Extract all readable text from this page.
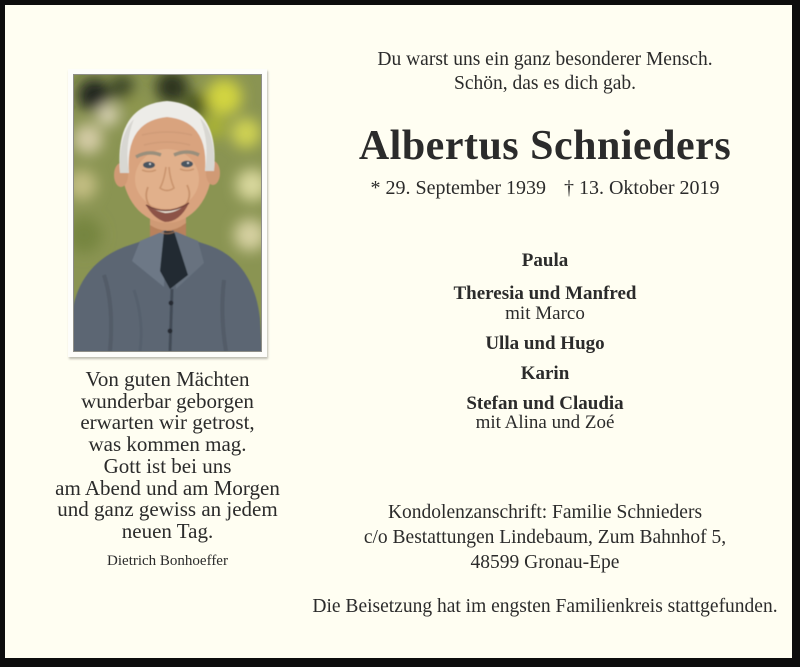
Von guten Mächten
wunderbar geborgen
erwarten wir getrost,
was kommen mag.
Gott ist bei uns
am Abend und am Morgen
und ganz gewiss an jedem
neuen Tag.
Dietrich Bonhoeffer
Du warst uns ein ganz besonderer Mensch.
Schön, das es dich gab.
Albertus Schnieders
* 29. September 1939 † 13. Oktober 2019
Paula
Theresia und Manfred
mit Marco
Ulla und Hugo
Karin
Stefan und Claudia
mit Alina und Zoé
Kondolenzanschrift: Familie Schnieders
c/o Bestattungen Lindebaum, Zum Bahnhof 5,
48599 Gronau-Epe
Die Beisetzung hat im engsten Familienkreis stattgefunden.
